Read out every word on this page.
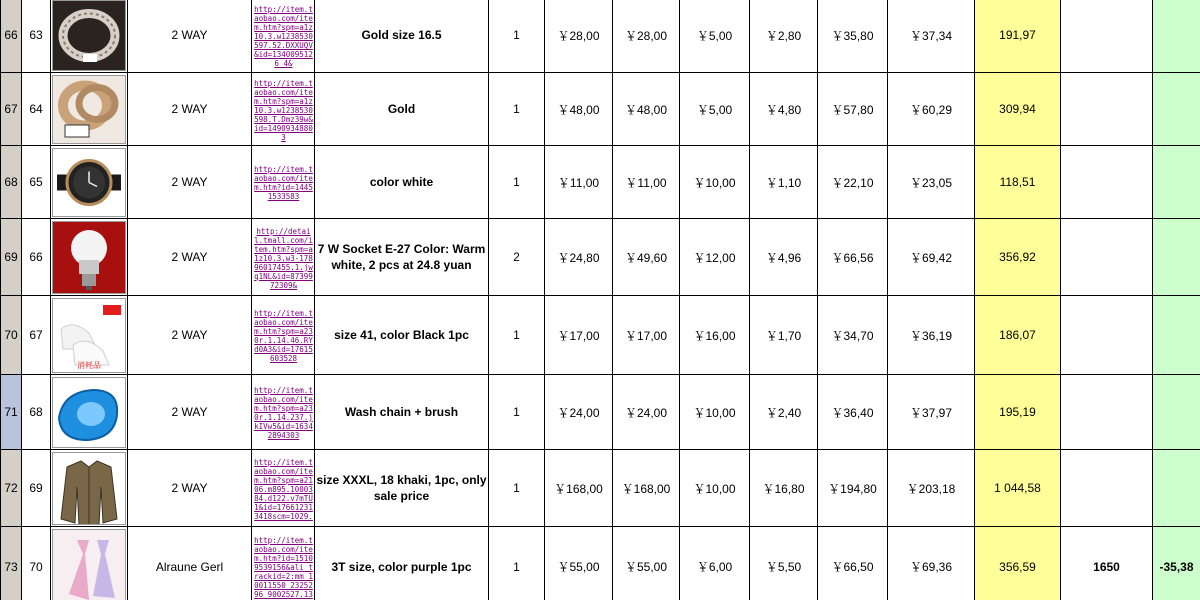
66	63		2 WAY	http://item.taobao.com/item.htm?spm=a1z10.3.w1238530597.52.DXXUQV&id=1340095126 4&	Gold size 16.5	1	￥28,00	￥28,00	￥5,00	￥2,80	￥35,80	￥37,34	191,97		
67	64		2 WAY	http://item.taobao.com/item.htm?spm=a1z10.3.w1238530598.T.Dmz39w&id=1490934880 3	Gold	1	￥48,00	￥48,00	￥5,00	￥4,80	￥57,80	￥60,29	309,94		
68	65		2 WAY	http://item.taobao.com/item.htm?id=14451533583	color white	1	￥11,00	￥11,00	￥10,00	￥1,10	￥22,10	￥23,05	118,51		
69	66		2 WAY	http://detail.tmall.com/item.htm?spm=a1z10.3.w3-17896017455.1.jwq1NL&id=8739972309&	7 W Socket E-27 Color: Warm white, 2 pcs at 24.8 yuan	2	￥24,80	￥49,60	￥12,00	￥4,96	￥66,56	￥69,42	356,92		
70	67	消耗品	2 WAY	http://item.taobao.com/item.htm?spm=a230r.1.14.46.RYd0A3&id=17615603528	size 41, color Black 1pc	1	￥17,00	￥17,00	￥16,00	￥1,70	￥34,70	￥36,19	186,07		
71	68		2 WAY	http://item.taobao.com/item.htm?spm=a230r.1.14.237.jkIVw5&id=16342894303	Wash chain + brush	1	￥24,00	￥24,00	￥10,00	￥2,40	￥36,40	￥37,97	195,19		
72	69		2 WAY	http://item.taobao.com/item.htm?spm=a2106.m895.1000384.d122.v7mTU1&id=176612313418scm=1029.	size XXXL, 18 khaki, 1pc, only sale price	1	￥168,00	￥168,00	￥10,00	￥16,80	￥194,80	￥203,18	1 044,58		
73	70		Alraune Gerl	http://item.taobao.com/item.htm?id=15109539156&ali_trackid=2:mm_10011550_2325296_9002527.13	3T size, color purple 1pc	1	￥55,00	￥55,00	￥6,00	￥5,50	￥66,50	￥69,36	356,59	1650	-35,38
